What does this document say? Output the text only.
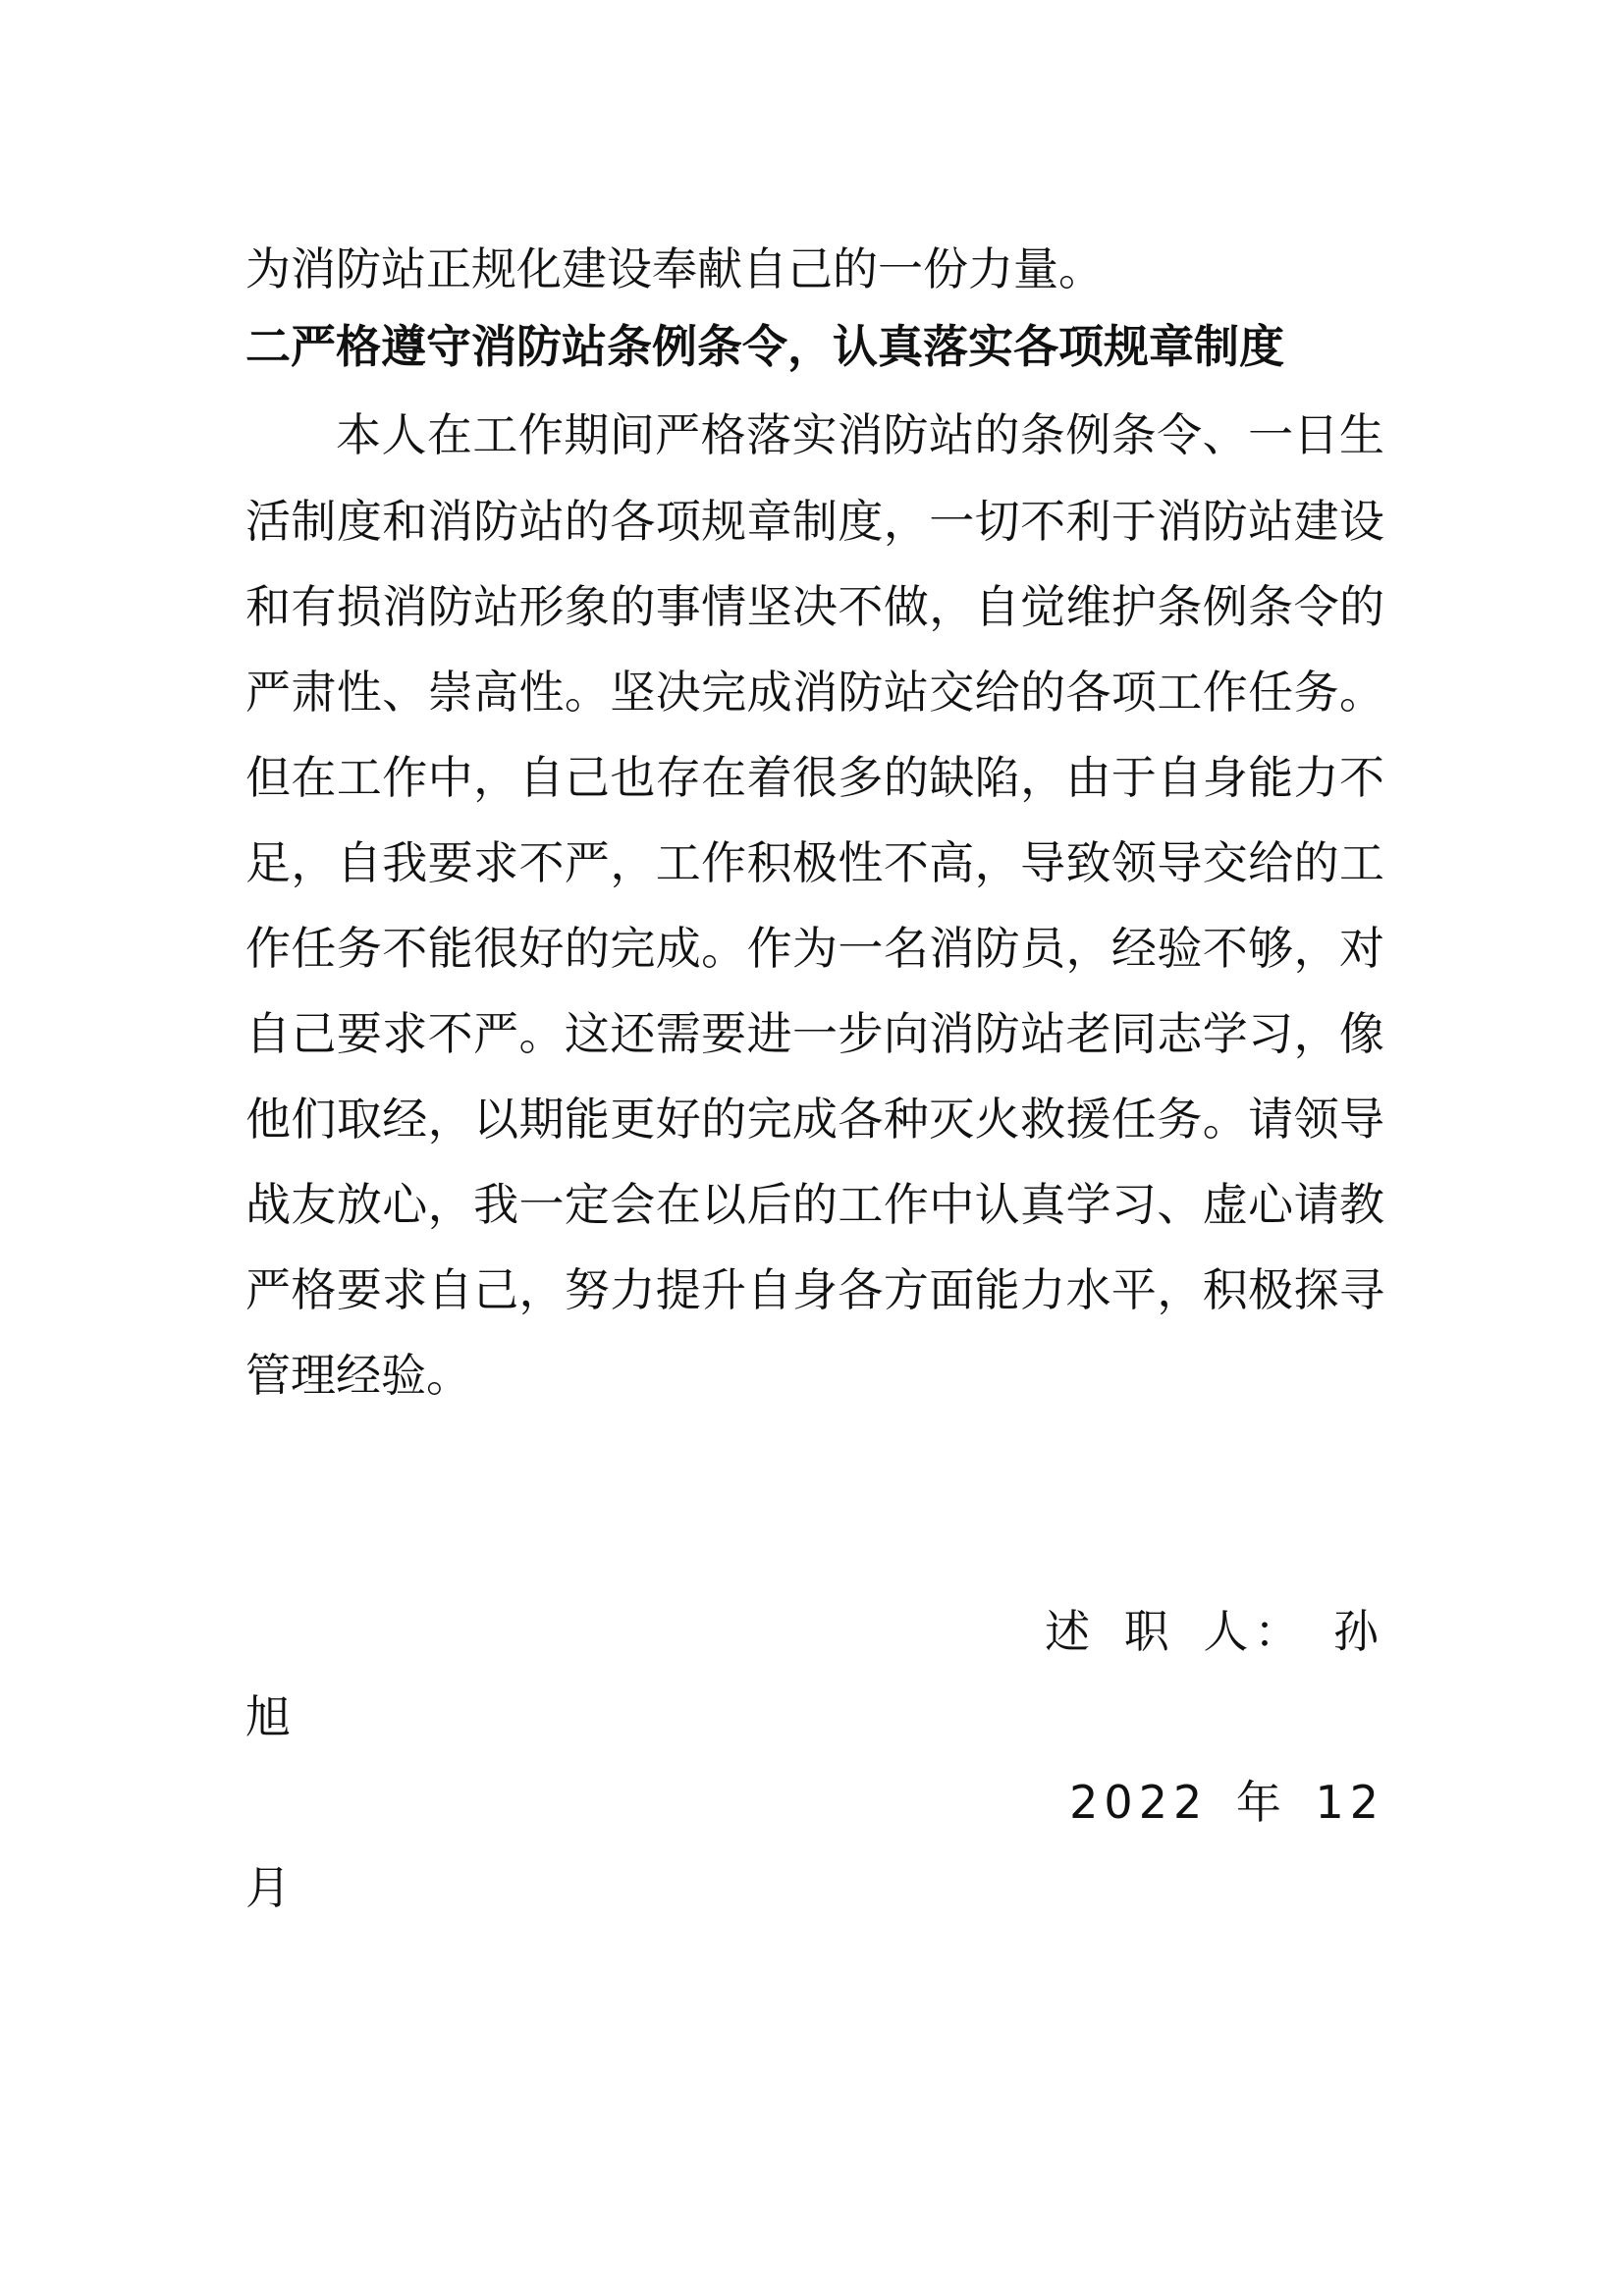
为消防站正规化建设奉献自己的一份力量。
二严格遵守消防站条例条令，认真落实各项规章制度
本人在工作期间严格落实消防站的条例条令、一日生
活制度和消防站的各项规章制度，一切不利于消防站建设
和有损消防站形象的事情坚决不做，自觉维护条例条令的
严肃性、崇高性。坚决完成消防站交给的各项工作任务。
但在工作中，自己也存在着很多的缺陷，由于自身能力不
足，自我要求不严，工作积极性不高，导致领导交给的工
作任务不能很好的完成。作为一名消防员，经验不够，对
自己要求不严。这还需要进一步向消防站老同志学习，像
他们取经，以期能更好的完成各种灭火救援任务。请领导
战友放心，我一定会在以后的工作中认真学习、虚心请教
严格要求自己，努力提升自身各方面能力水平，积极探寻
管理经验。
述 职 人： 孙
旭
2022 年 12
月
